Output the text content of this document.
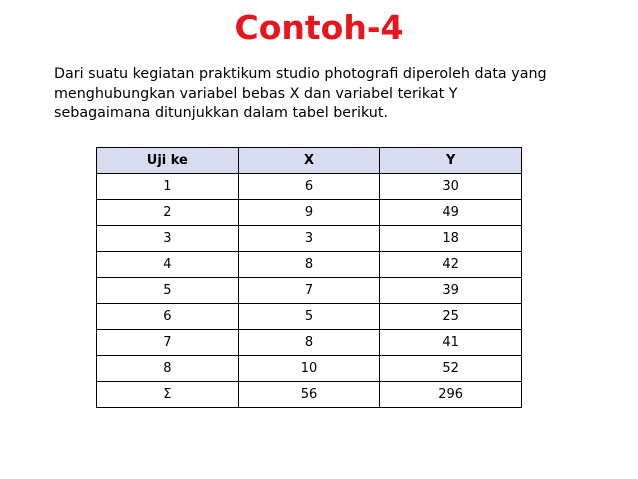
Contoh-4
Dari suatu kegiatan praktikum studio photografi diperoleh data yang
menghubungkan variabel bebas X dan variabel terikat Y
sebagaimana ditunjukkan dalam tabel berikut.
Uji ke	X	Y
1	6	30
2	9	49
3	3	18
4	8	42
5	7	39
6	5	25
7	8	41
8	10	52
Σ	56	296
